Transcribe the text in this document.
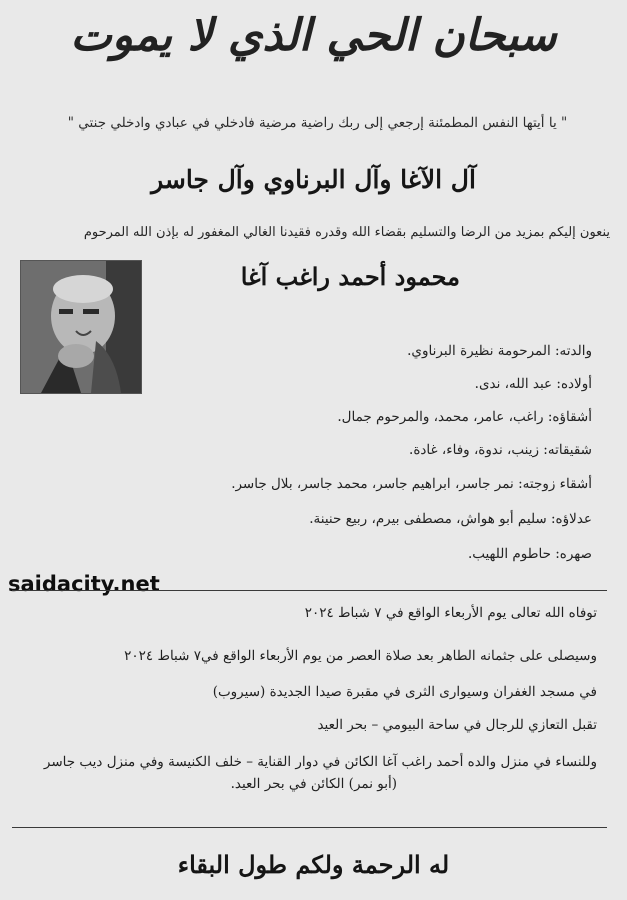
سبحان الحي الذي لا يموت
" يا أيتها النفس المطمئنة إرجعي إلى ربك راضية مرضية فادخلي في عبادي وادخلي جنتي "
آل الآغا وآل البرناوي وآل جاسر
ينعون إليكم بمزيد من الرضا والتسليم بقضاء الله وقدره فقيدنا الغالي المغفور له بإذن الله المرحوم
محمود أحمد راغب آغا
والدته: المرحومة نظيرة البرناوي.
أولاده: عبد الله، ندى.
أشقاؤه: راغب، عامر، محمد، والمرحوم جمال.
شقيقاته: زينب، ندوة، وفاء، غادة.
أشقاء زوجته: نمر جاسر، ابراهيم جاسر، محمد جاسر، بلال جاسر.
عدلاؤه: سليم أبو هواش، مصطفى بيرم، ربيع حنينة.
صهره: حاطوم اللهيب.
saidacity.net
توفاه الله تعالى يوم الأربعاء الواقع في ٧ شباط ٢٠٢٤
وسيصلى على جثمانه الطاهر بعد صلاة العصر من يوم الأربعاء الواقع في٧ شباط ٢٠٢٤
في مسجد الغفران وسيوارى الثرى في مقبرة صيدا الجديدة (سيروب)
تقبل التعازي للرجال في ساحة البيومي – بحر العيد
وللنساء في منزل والده أحمد راغب آغا الكائن في دوار القناية – خلف الكنيسة وفي منزل ديب جاسر
(أبو نمر) الكائن في بحر العيد.
له الرحمة ولكم طول البقاء
